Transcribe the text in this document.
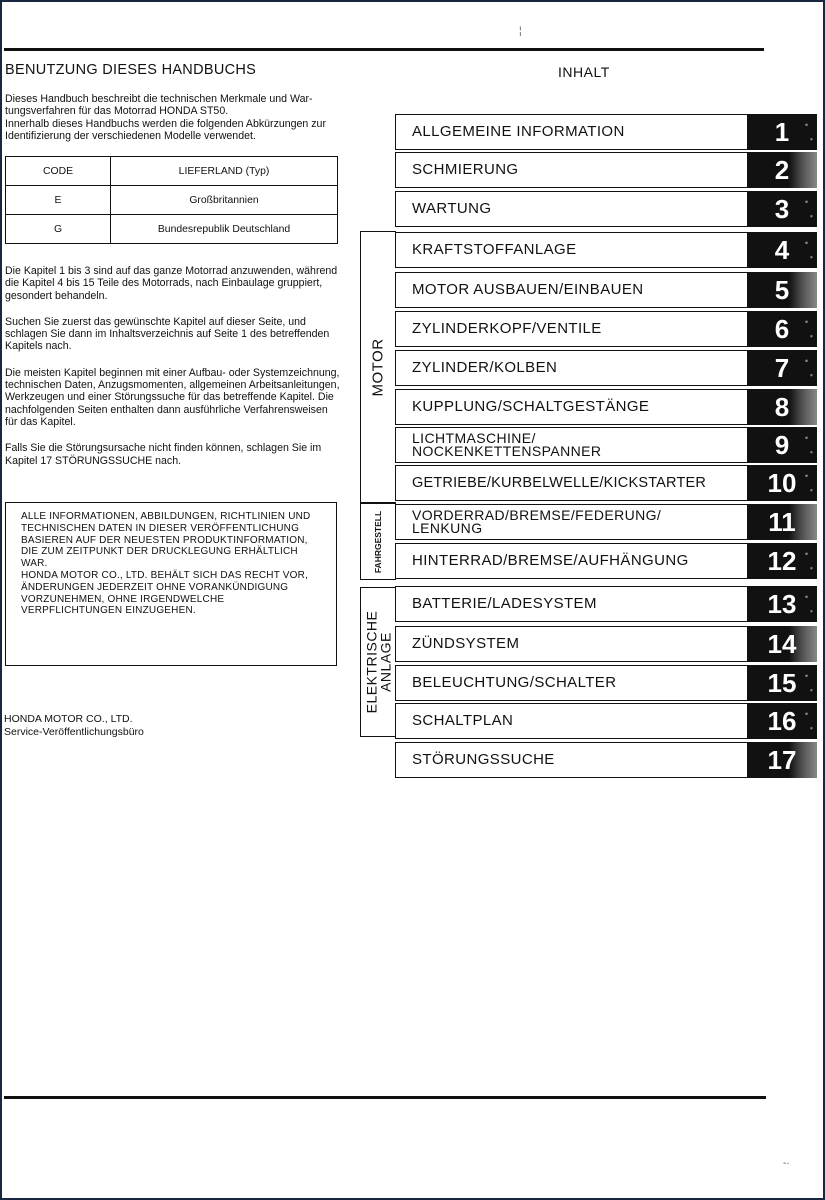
¦
-·
BENUTZUNG DIESES HANDBUCHS

Dieses Handbuch beschreibt die technischen Merkmale und War-tungsverfahren für das Motorrad HONDA ST50.

Innerhalb dieses Handbuchs werden die folgenden Abkürzungen zur Identifizierung der verschiedenen Modelle verwendet.

CODE	LIEFERLAND (Typ)
E	Großbritannien
G	Bundesrepublik Deutschland

Die Kapitel 1 bis 3 sind auf das ganze Motorrad anzuwenden, während die Kapitel 4 bis 15 Teile des Motorrads, nach Einbaulage gruppiert, gesondert behandeln.

Suchen Sie zuerst das gewünschte Kapitel auf dieser Seite, und schlagen Sie dann im Inhaltsverzeichnis auf Seite 1 des betreffenden Kapitels nach.

Die meisten Kapitel beginnen mit einer Aufbau- oder Systemzeichnung, technischen Daten, Anzugsmomenten, allgemeinen Arbeitsanleitungen, Werkzeugen und einer Störungssuche für das betreffende Kapitel. Die nachfolgenden Seiten enthalten dann ausführliche Verfahrensweisen für das Kapitel.

Falls Sie die Störungsursache nicht finden können, schlagen Sie im Kapitel 17 STÖRUNGSSUCHE nach.

ALLE INFORMATIONEN, ABBILDUNGEN, RICHTLINIEN UND TECHNISCHEN DATEN IN DIESER VERÖFFENTLICHUNG BASIEREN AUF DER NEUESTEN PRODUKTINFORMATION, DIE ZUM ZEITPUNKT DER DRUCKLEGUNG ERHÄLTLICH WAR.

HONDA MOTOR CO., LTD. BEHÄLT SICH DAS RECHT VOR, ÄNDERUNGEN JEDERZEIT OHNE VORANKÜNDIGUNG VORZUNEHMEN, OHNE IRGENDWELCHE VERPFLICHTUNGEN EINZUGEHEN.

HONDA MOTOR CO., LTD.
Service-Veröffentlichungsbüro
INHALT
MOTOR
FAHRGESTELL
ELEKTRISCHE ANLAGE
ALLGEMEINE INFORMATION	1
SCHMIERUNG	2
WARTUNG	3
KRAFTSTOFFANLAGE	4
MOTOR AUSBAUEN/EINBAUEN	5
ZYLINDERKOPF/VENTILE	6
ZYLINDER/KOLBEN	7
KUPPLUNG/SCHALTGESTÄNGE	8
LICHTMASCHINE/
NOCKENKETTENSPANNER	9
GETRIEBE/KURBELWELLE/KICKSTARTER	10
VORDERRAD/BREMSE/FEDERUNG/
LENKUNG	11
HINTERRAD/BREMSE/AUFHÄNGUNG	12
BATTERIE/LADESYSTEM	13
ZÜNDSYSTEM	14
BELEUCHTUNG/SCHALTER	15
SCHALTPLAN	16
STÖRUNGSSUCHE	17
